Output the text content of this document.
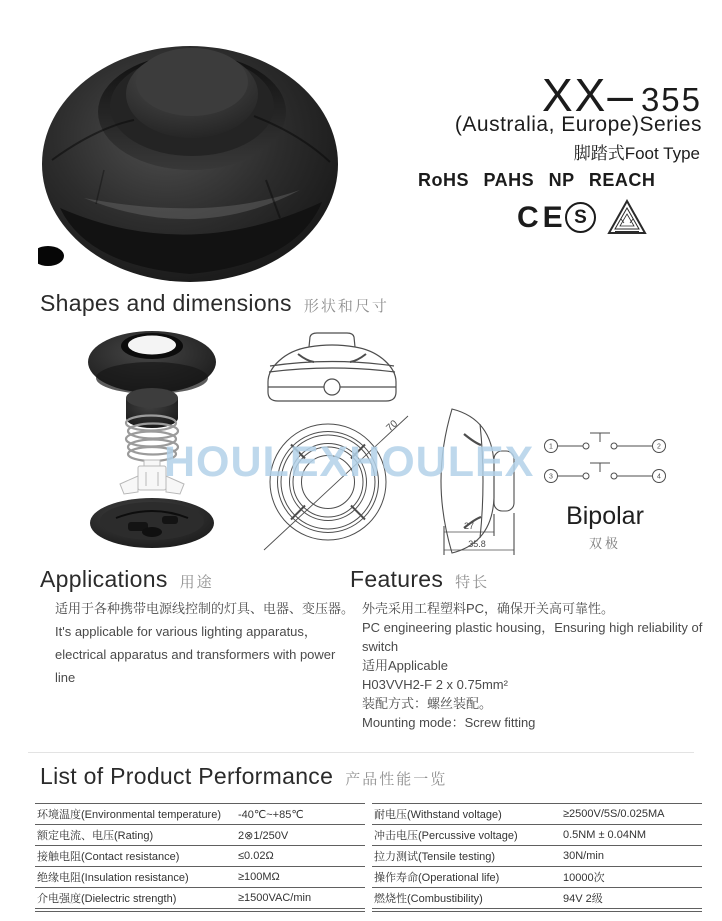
XX– 355
(Australia, Europe)Series
脚踏式Foot Type
RoHS PAHS NP REACH
CE S
Shapes and dimensions 形状和尺寸
70
27
35.8
1	2
3	4
Bipolar
双极
HOULEXHOULEX
Applications 用途
适用于各种携带电源线控制的灯具、电器、变压器。
It's applicable for various lighting apparatus，
electrical apparatus and transformers with power
line
Features 特长
外壳采用工程塑料PC，确保开关高可靠性。
PC engineering plastic housing，Ensuring high reliability of
switch
适用Applicable
H03VVH2-F 2 x 0.75mm²
装配方式：螺丝装配。
Mounting mode：Screw fitting
List of Product Performance 产品性能一览
环境温度(Environmental temperature)	-40℃~+85℃
额定电流、电压(Rating)	2⊗1/250V
接触电阻(Contact resistance)	≤0.02Ω
绝缘电阻(Insulation resistance)	≥100MΩ
介电强度(Dielectric strength)	≥1500VAC/min
耐电压(Withstand voltage)	≥2500V/5S/0.025MA
冲击电压(Percussive voltage)	0.5NM ± 0.04NM
拉力测试(Tensile testing)	30N/min
操作寿命(Operational life)	10000次
燃烧性(Combustibility)	94V 2级
